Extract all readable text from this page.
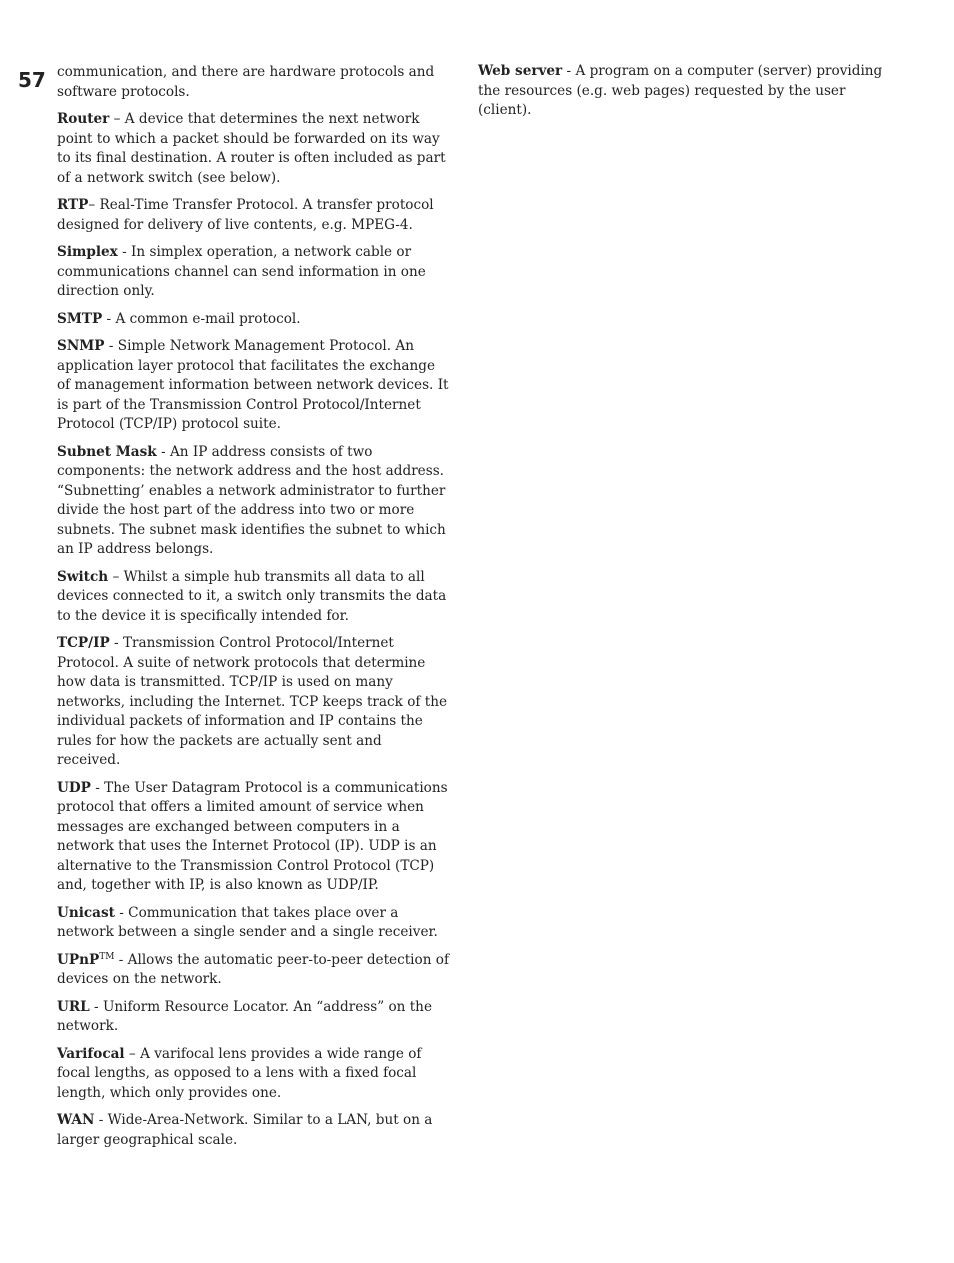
57 communication, and there are hardware protocols and software protocols.

Router – A device that determines the next network point to which a packet should be forwarded on its way to its final destination. A router is often included as part of a network switch (see below).

RTP– Real-Time Transfer Protocol. A transfer protocol designed for delivery of live contents, e.g. MPEG-4.

Simplex - In simplex operation, a network cable or communications channel can send information in one direction only.

SMTP - A common e-mail protocol.

SNMP - Simple Network Management Protocol. An application layer protocol that facilitates the exchange of management information between network devices. It is part of the Transmission Control Protocol/Internet Protocol (TCP/IP) protocol suite.

Subnet Mask - An IP address consists of two components: the network address and the host address. “Subnetting’ enables a network administrator to further divide the host part of the address into two or more subnets. The subnet mask identifies the subnet to which an IP address belongs.

Switch – Whilst a simple hub transmits all data to all devices connected to it, a switch only transmits the data to the device it is specifically intended for.

TCP/IP - Transmission Control Protocol/Internet Protocol. A suite of network protocols that determine how data is transmitted. TCP/IP is used on many networks, including the Internet. TCP keeps track of the individual packets of information and IP contains the rules for how the packets are actually sent and received.

UDP - The User Datagram Protocol is a communications protocol that offers a limited amount of service when messages are exchanged between computers in a network that uses the Internet Protocol (IP). UDP is an alternative to the Transmission Control Protocol (TCP) and, together with IP, is also known as UDP/IP.

Unicast - Communication that takes place over a network between a single sender and a single receiver.

UPnP™ - Allows the automatic peer-to-peer detection of devices on the network.

URL - Uniform Resource Locator. An “address” on the network.

Varifocal – A varifocal lens provides a wide range of focal lengths, as opposed to a lens with a fixed focal length, which only provides one.

WAN - Wide-Area-Network. Similar to a LAN, but on a larger geographical scale.

Web server - A program on a computer (server) providing the resources (e.g. web pages) requested by the user (client).
